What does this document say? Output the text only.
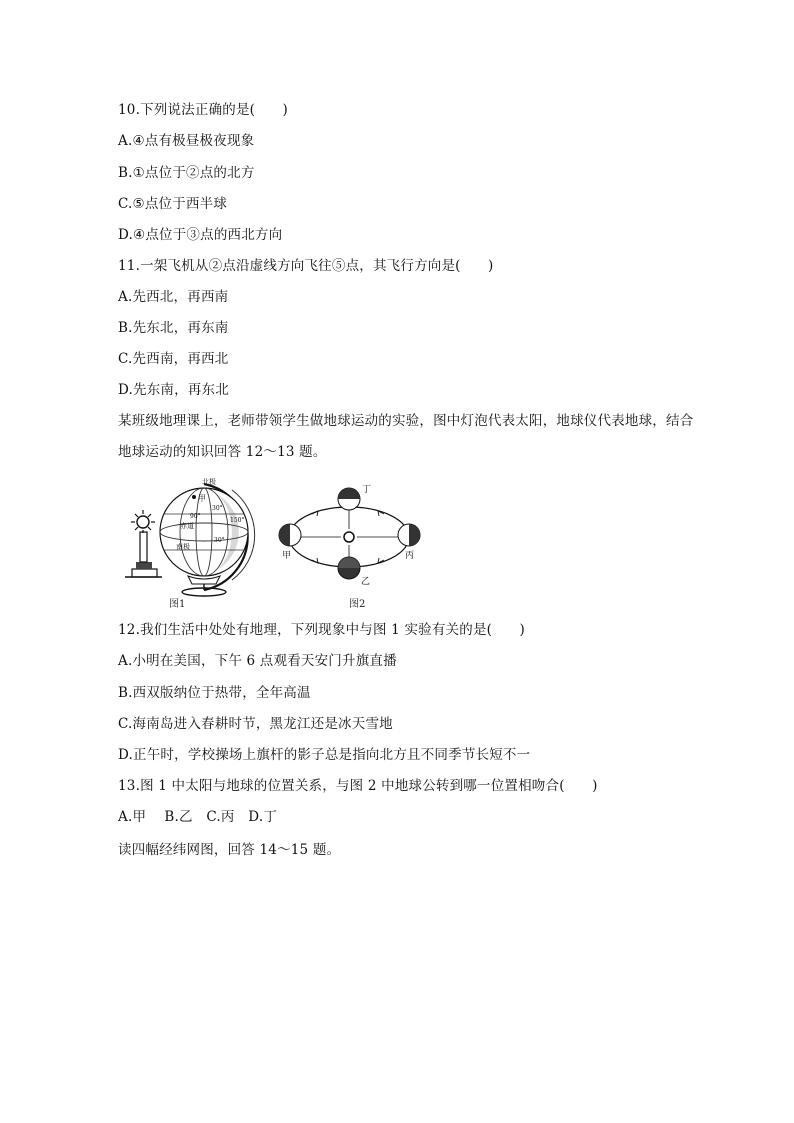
10.下列说法正确的是(　　)
A.④点有极昼极夜现象
B.①点位于②点的北方
C.⑤点位于西半球
D.④点位于③点的西北方向
11.一架飞机从②点沿虚线方向飞往⑤点，其飞行方向是(　　)
A.先西北，再西南
B.先东北，再东南
C.先西南，再西北
D.先东南，再东北
某班级地理课上，老师带领学生做地球运动的实验，图中灯泡代表太阳，地球仪代表地球，结合地球运动的知识回答 12～13 题。
北极
南极
赤道
甲
30°
150°
90°
30°
丁
甲	丙
乙
图1	图2
12.我们生活中处处有地理，下列现象中与图 1 实验有关的是(　　)
A.小明在美国，下午 6 点观看天安门升旗直播
B.西双版纳位于热带，全年高温
C.海南岛进入春耕时节，黑龙江还是冰天雪地
D.正午时，学校操场上旗杆的影子总是指向北方且不同季节长短不一
13.图 1 中太阳与地球的位置关系，与图 2 中地球公转到哪一位置相吻合(　　)
A.甲　 B.乙　C.丙　D.丁
读四幅经纬网图，回答 14～15 题。
